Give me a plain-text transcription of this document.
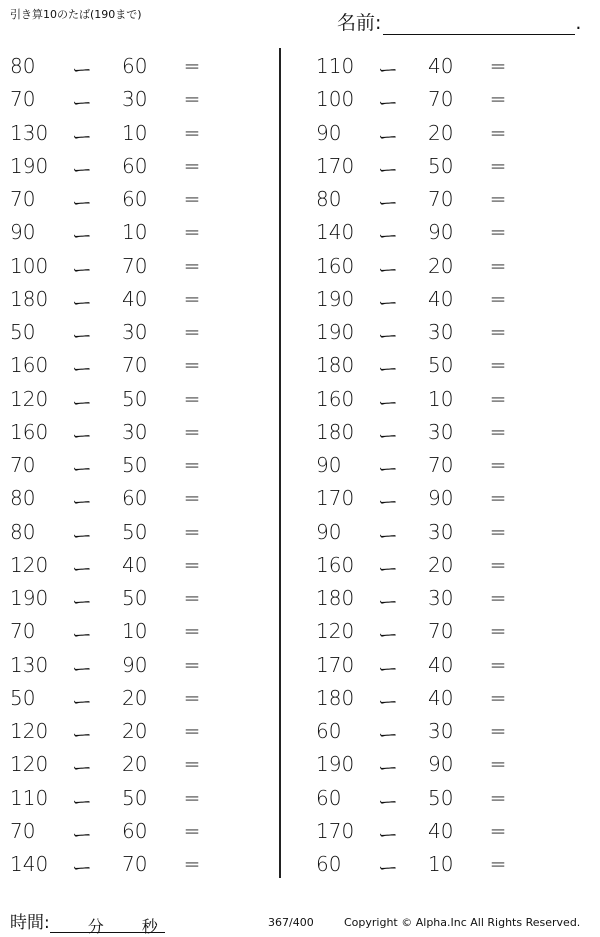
引き算10のたば(190まで)	名前:	.
80	ー 60	=
70	ー 30	=
130	ー 10	=
190	ー 60	=
70	ー 60	=
90	ー 10	=
100	ー 70	=
180	ー 40	=
50	ー 30	=
160	ー 70	=
120	ー 50	=
160	ー 30	=
70	ー 50	=
80	ー 60	=
80	ー 50	=
120	ー 40	=
190	ー 50	=
70	ー 10	=
130	ー 90	=
50	ー 20	=
120	ー 20	=
120	ー 20	=
110	ー 50	=
70	ー 60	=
140	ー 70	=
110	ー 40	=
100	ー 70	=
90	ー 20	=
170	ー 50	=
80	ー 70	=
140	ー 90	=
160	ー 20	=
190	ー 40	=
190	ー 30	=
180	ー 50	=
160	ー 10	=
180	ー 30	=
90	ー 70	=
170	ー 90	=
90	ー 30	=
160	ー 20	=
180	ー 30	=
120	ー 70	=
170	ー 40	=
180	ー 40	=
60	ー 30	=
190	ー 90	=
60	ー 50	=
170	ー 40	=
60	ー 10	=
時間: 分 秒	367/400	Copyright © Alpha.Inc All Rights Reserved.
